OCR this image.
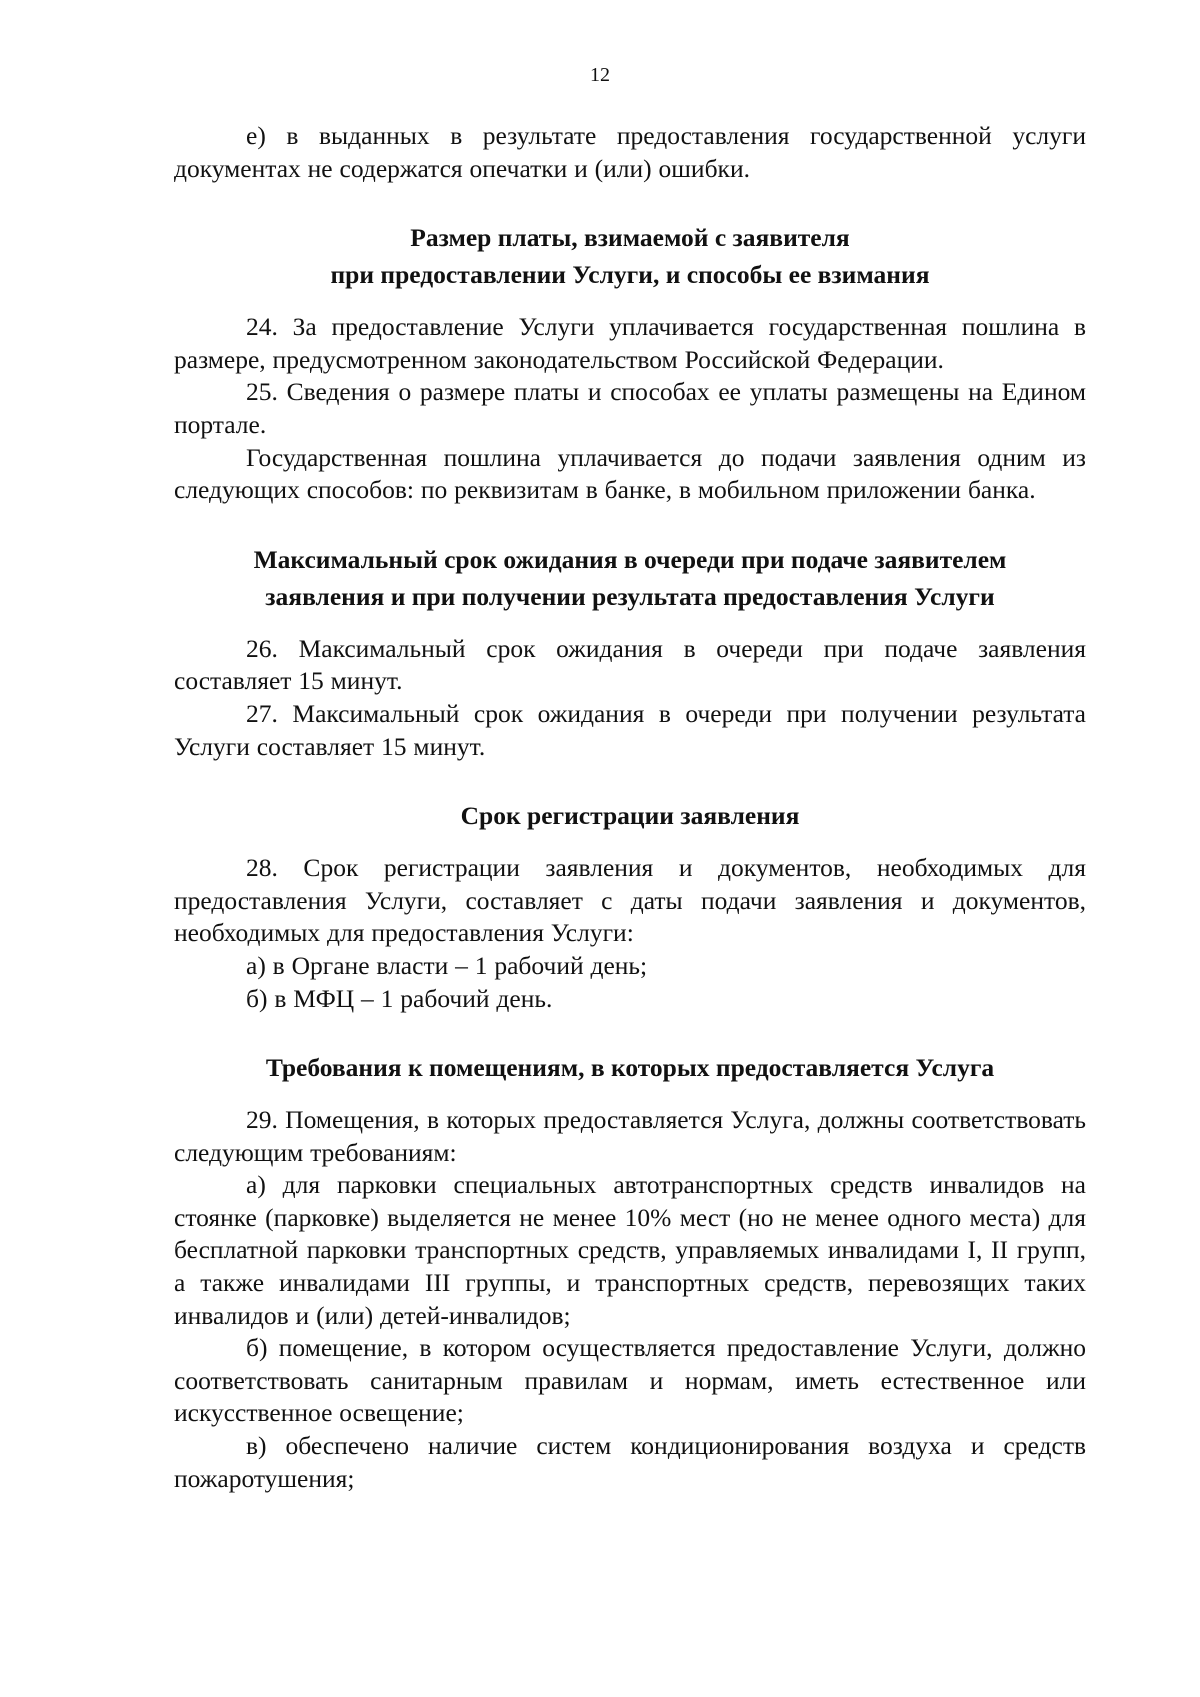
12

е) в выданных в результате предоставления государственной услуги документах не содержатся опечатки и (или) ошибки.

Размер платы, взимаемой с заявителя
при предоставлении Услуги, и способы ее взимания

24. За предоставление Услуги уплачивается государственная пошлина в размере, предусмотренном законодательством Российской Федерации.

25. Сведения о размере платы и способах ее уплаты размещены на Едином портале.

Государственная пошлина уплачивается до подачи заявления одним из следующих способов: по реквизитам в банке, в мобильном приложении банка.

Максимальный срок ожидания в очереди при подаче заявителем
заявления и при получении результата предоставления Услуги

26. Максимальный срок ожидания в очереди при подаче заявления составляет 15 минут.

27. Максимальный срок ожидания в очереди при получении результата Услуги составляет 15 минут.

Срок регистрации заявления

28. Срок регистрации заявления и документов, необходимых для предоставления Услуги, составляет с даты подачи заявления и документов, необходимых для предоставления Услуги:

а) в Органе власти – 1 рабочий день;

б) в МФЦ – 1 рабочий день.

Требования к помещениям, в которых предоставляется Услуга

29. Помещения, в которых предоставляется Услуга, должны соответствовать следующим требованиям:

а) для парковки специальных автотранспортных средств инвалидов на стоянке (парковке) выделяется не менее 10% мест (но не менее одного места) для бесплатной парковки транспортных средств, управляемых инвалидами I, II групп, а также инвалидами III группы, и транспортных средств, перевозящих таких инвалидов и (или) детей-инвалидов;

б) помещение, в котором осуществляется предоставление Услуги, должно соответствовать санитарным правилам и нормам, иметь естественное или искусственное освещение;

в) обеспечено наличие систем кондиционирования воздуха и средств пожаротушения;
